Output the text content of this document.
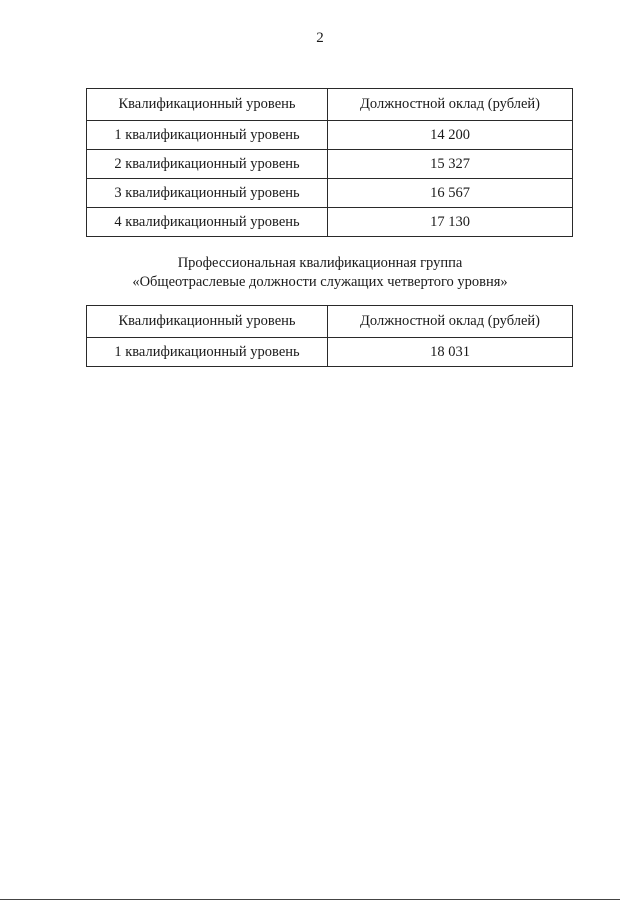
2
Квалификационный уровень	Должностной оклад (рублей)
1 квалификационный уровень	14 200
2 квалификационный уровень	15 327
3 квалификационный уровень	16 567
4 квалификационный уровень	17 130
Профессиональная квалификационная группа
«Общеотраслевые должности служащих четвертого уровня»
Квалификационный уровень	Должностной оклад (рублей)
1 квалификационный уровень	18 031
